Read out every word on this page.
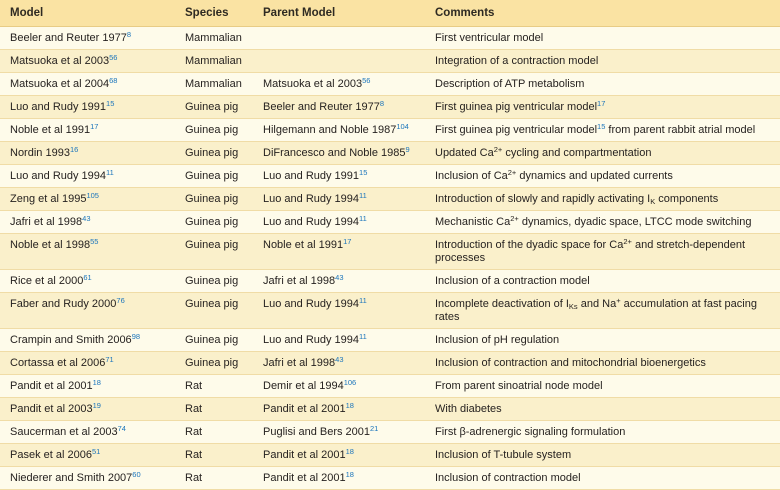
Model	Species	Parent Model	Comments
Beeler and Reuter 1977$^8$	Mammalian		First ventricular model
Matsuoka et al 2003$^{56}$	Mammalian		Integration of a contraction model
Matsuoka et al 2004$^{68}$	Mammalian	Matsuoka et al 2003$^{56}$	Description of ATP metabolism
Luo and Rudy 1991$^{15}$	Guinea pig	Beeler and Reuter 1977$^8$	First guinea pig ventricular model$^{17}$
Noble et al 1991$^{17}$	Guinea pig	Hilgemann and Noble 1987$^{104}$	First guinea pig ventricular model$^{15}$ from parent rabbit atrial model
Nordin 1993$^{16}$	Guinea pig	DiFrancesco and Noble 1985$^9$	Updated $Ca^{2+}$ cycling and compartmentation
Luo and Rudy 1994$^{11}$	Guinea pig	Luo and Rudy 1991$^{15}$	Inclusion of $Ca^{2+}$ dynamics and updated currents
Zeng et al 1995$^{105}$	Guinea pig	Luo and Rudy 1994$^{11}$	Introduction of slowly and rapidly activating IK components
Jafri et al 1998$^{43}$	Guinea pig	Luo and Rudy 1994$^{11}$	Mechanistic $Ca^{2+}$ dynamics, dyadic space, LTCC mode switching
Noble et al 1998$^{55}$	Guinea pig	Noble et al 1991$^{17}$	Introduction of the dyadic space for $Ca^{2+}$ and stretch-dependent processes
Rice et al 2000$^{61}$	Guinea pig	Jafri et al 1998$^{43}$	Inclusion of a contraction model
Faber and Rudy 2000$^{76}$	Guinea pig	Luo and Rudy 1994$^{11}$	Incomplete deactivation of IKs and Na+ accumulation at fast pacing rates
Crampin and Smith 2006$^{98}$	Guinea pig	Luo and Rudy 1994$^{11}$	Inclusion of pH regulation
Cortassa et al 2006$^{71}$	Guinea pig	Jafri et al 1998$^{43}$	Inclusion of contraction and mitochondrial bioenergetics
Pandit et al 2001$^{18}$	Rat	Demir et al 1994$^{106}$	From parent sinoatrial node model
Pandit et al 2003$^{19}$	Rat	Pandit et al 2001$^{18}$	With diabetes
Saucerman et al 2003$^{74}$	Rat	Puglisi and Bers 2001$^{21}$	First β-adrenergic signaling formulation
Pasek et al 2006$^{51}$	Rat	Pandit et al 2001$^{18}$	Inclusion of T-tubule system
Niederer and Smith 2007$^{60}$	Rat	Pandit et al 2001$^{18}$	Inclusion of contraction model
